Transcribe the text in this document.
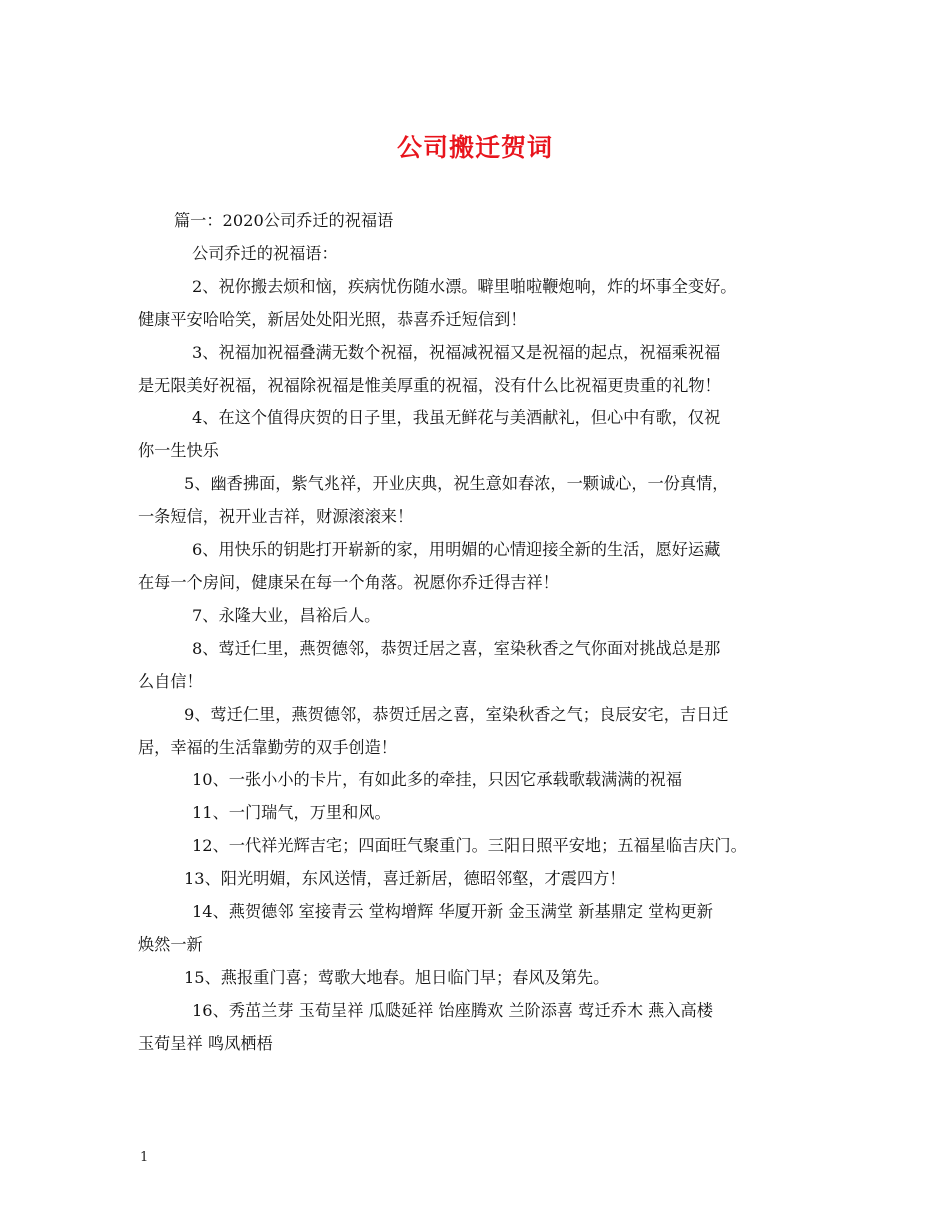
公司搬迁贺词

篇一：2020公司乔迁的祝福语

公司乔迁的祝福语：

2、祝你搬去烦和恼，疾病忧伤随水漂。噼里啪啦鞭炮响，炸的坏事全变好。

健康平安哈哈笑，新居处处阳光照，恭喜乔迁短信到！

3、祝福加祝福叠满无数个祝福，祝福减祝福又是祝福的起点，祝福乘祝福

是无限美好祝福，祝福除祝福是惟美厚重的祝福，没有什么比祝福更贵重的礼物！

4、在这个值得庆贺的日子里，我虽无鲜花与美酒献礼，但心中有歌，仅祝

你一生快乐

5、幽香拂面，紫气兆祥，开业庆典，祝生意如春浓，一颗诚心，一份真情，

一条短信，祝开业吉祥，财源滚滚来！

6、用快乐的钥匙打开崭新的家，用明媚的心情迎接全新的生活，愿好运藏

在每一个房间，健康呆在每一个角落。祝愿你乔迁得吉祥！

7、永隆大业，昌裕后人。

8、莺迁仁里，燕贺德邻，恭贺迁居之喜，室染秋香之气你面对挑战总是那

么自信！

9、莺迁仁里，燕贺德邻，恭贺迁居之喜，室染秋香之气；良辰安宅，吉日迁

居，幸福的生活靠勤劳的双手创造！

10、一张小小的卡片，有如此多的牵挂，只因它承载歌载满满的祝福

11、一门瑞气，万里和风。

12、一代祥光辉吉宅；四面旺气聚重门。三阳日照平安地；五福星临吉庆门。

13、阳光明媚，东风送情，喜迁新居，德昭邻壑，才震四方！

14、燕贺德邻 室接青云 堂构增辉 华厦开新 金玉满堂 新基鼎定 堂构更新

焕然一新

15、燕报重门喜；莺歌大地春。旭日临门早；春风及第先。

16、秀茁兰芽 玉荀呈祥 瓜瓞延祥 饴座腾欢 兰阶添喜 莺迁乔木 燕入高楼

玉荀呈祥 鸣凤栖梧

1
